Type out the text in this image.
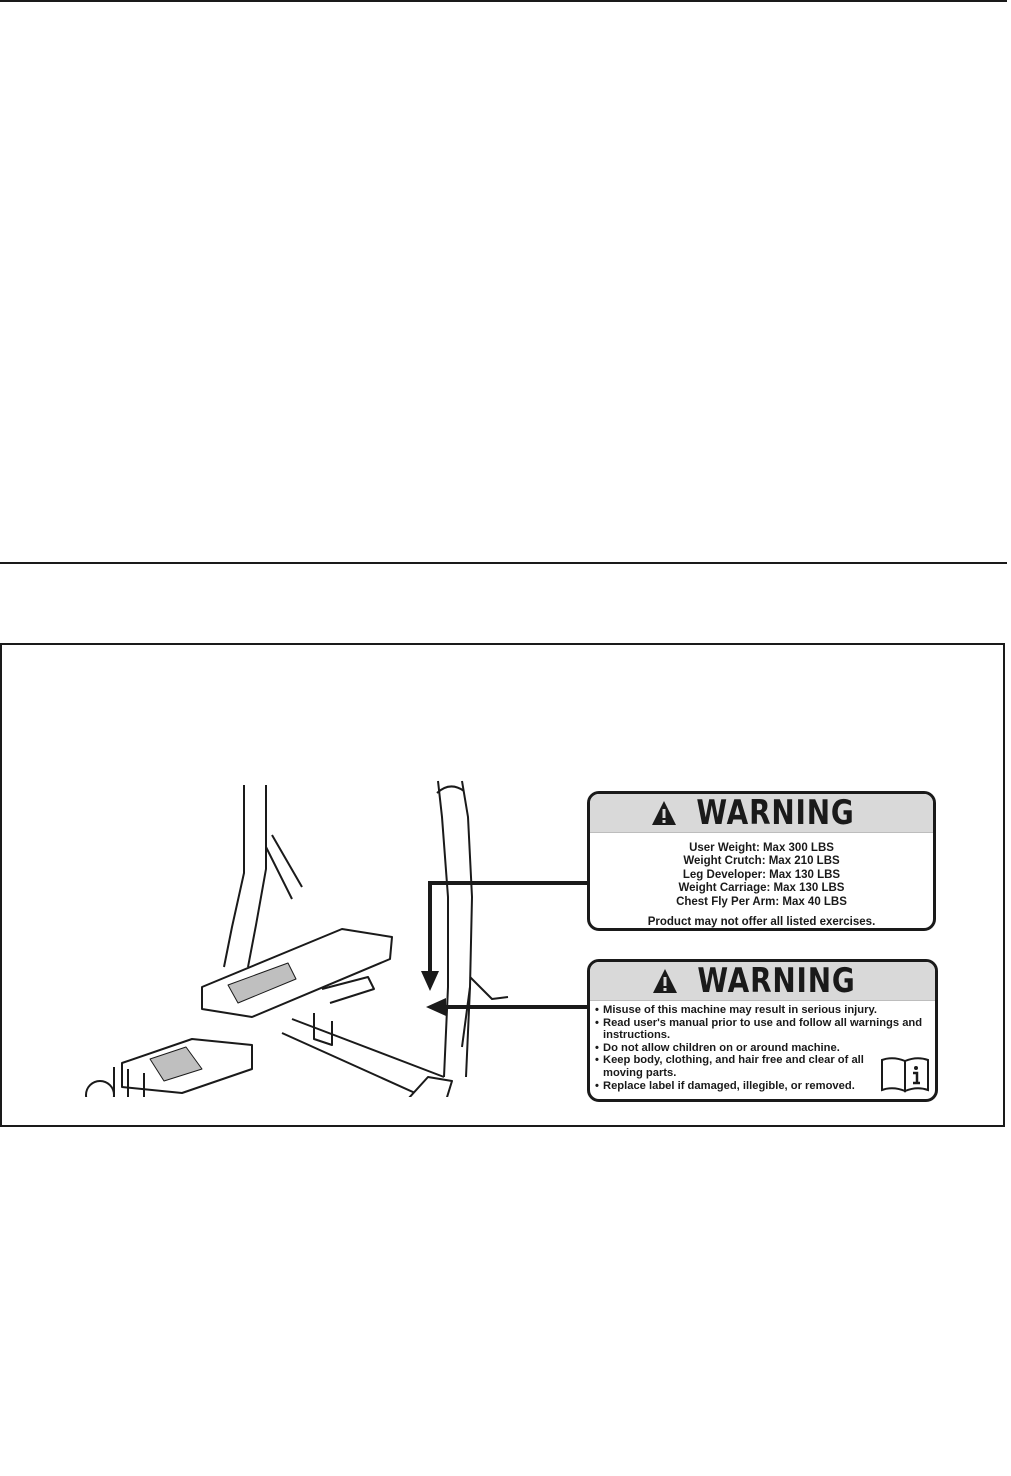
WARNING
User Weight: Max 300 LBS
Weight Crutch: Max 210 LBS
Leg Developer: Max 130 LBS
Weight Carriage: Max 130 LBS
Chest Fly Per Arm: Max 40 LBS
Product may not offer all listed exercises.
WARNING
• Misuse of this machine may result in serious injury.
• Read user's manual prior to use and follow all warnings and instructions.
• Do not allow children on or around machine.
• Keep body, clothing, and hair free and clear of all moving parts.
• Replace label if damaged, illegible, or removed.
